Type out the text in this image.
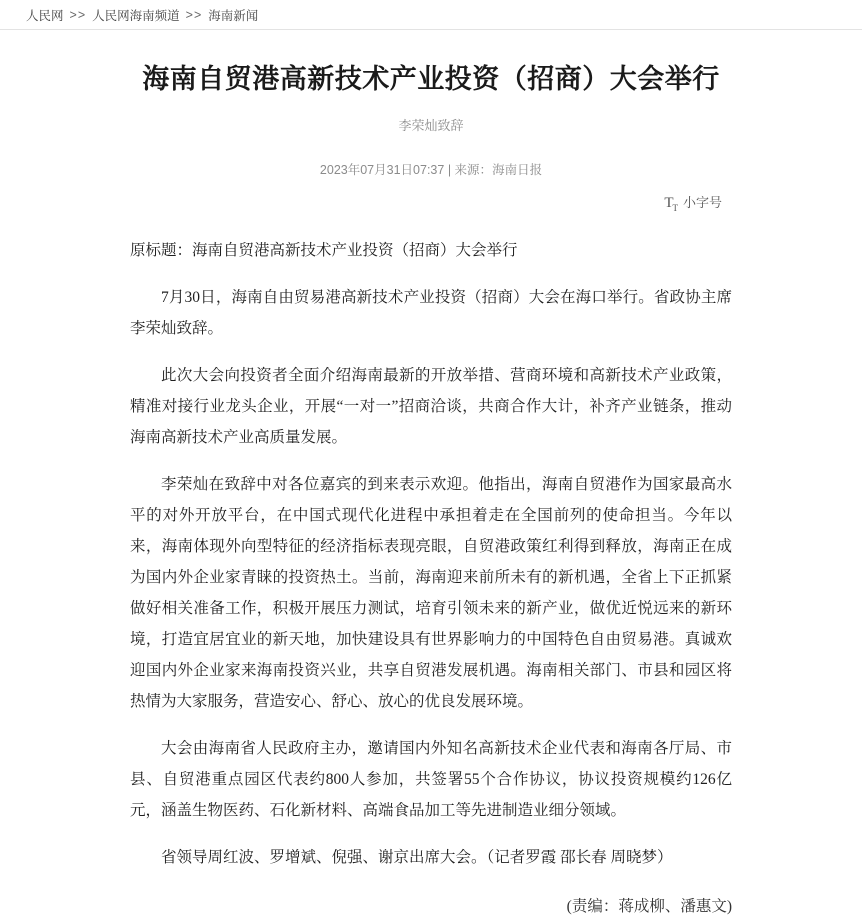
人民网 >> 人民网海南频道 >> 海南新闻
海南自贸港高新技术产业投资（招商）大会举行
李荣灿致辞
2023年07月31日07:37 | 来源：海南日报
$T_T$ 小字号

原标题：海南自贸港高新技术产业投资（招商）大会举行

7月30日，海南自由贸易港高新技术产业投资（招商）大会在海口举行。省政协主席李荣灿致辞。

此次大会向投资者全面介绍海南最新的开放举措、营商环境和高新技术产业政策，精准对接行业龙头企业，开展“一对一”招商洽谈，共商合作大计，补齐产业链条，推动海南高新技术产业高质量发展。

李荣灿在致辞中对各位嘉宾的到来表示欢迎。他指出，海南自贸港作为国家最高水平的对外开放平台，在中国式现代化进程中承担着走在全国前列的使命担当。今年以来，海南体现外向型特征的经济指标表现亮眼，自贸港政策红利得到释放，海南正在成为国内外企业家青睐的投资热土。当前，海南迎来前所未有的新机遇，全省上下正抓紧做好相关准备工作，积极开展压力测试，培育引领未来的新产业，做优近悦远来的新环境，打造宜居宜业的新天地，加快建设具有世界影响力的中国特色自由贸易港。真诚欢迎国内外企业家来海南投资兴业，共享自贸港发展机遇。海南相关部门、市县和园区将热情为大家服务，营造安心、舒心、放心的优良发展环境。

大会由海南省人民政府主办，邀请国内外知名高新技术企业代表和海南各厅局、市县、自贸港重点园区代表约800人参加，共签署55个合作协议，协议投资规模约126亿元，涵盖生物医药、石化新材料、高端食品加工等先进制造业细分领域。

省领导周红波、罗增斌、倪强、谢京出席大会。（记者罗霞 邵长春 周晓梦）

(责编：蒋成柳、潘惠文)
